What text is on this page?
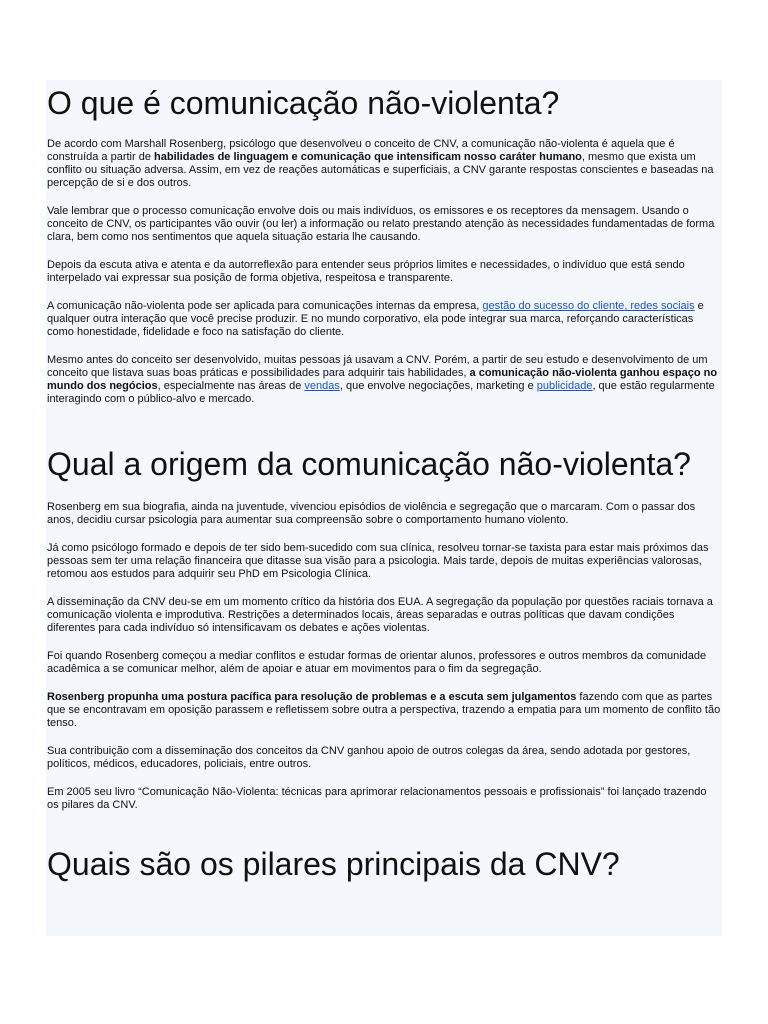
O que é comunicação não-violenta?

De acordo com Marshall Rosenberg, psicólogo que desenvolveu o conceito de CNV, a comunicação não-violenta é aquela que é construída a partir de habilidades de linguagem e comunicação que intensificam nosso caráter humano, mesmo que exista um conflito ou situação adversa. Assim, em vez de reações automáticas e superficiais, a CNV garante respostas conscientes e baseadas na percepção de si e dos outros.

Vale lembrar que o processo comunicação envolve dois ou mais indivíduos, os emissores e os receptores da mensagem. Usando o conceito de CNV, os participantes vão ouvir (ou ler) a informação ou relato prestando atenção às necessidades fundamentadas de forma clara, bem como nos sentimentos que aquela situação estaria lhe causando.

Depois da escuta ativa e atenta e da autorreflexão para entender seus próprios limites e necessidades, o indivíduo que está sendo interpelado vai expressar sua posição de forma objetiva, respeitosa e transparente.

A comunicação não-violenta pode ser aplicada para comunicações internas da empresa, gestão do sucesso do cliente, redes sociais e qualquer outra interação que você precise produzir. E no mundo corporativo, ela pode integrar sua marca, reforçando características como honestidade, fidelidade e foco na satisfação do cliente.

Mesmo antes do conceito ser desenvolvido, muitas pessoas já usavam a CNV. Porém, a partir de seu estudo e desenvolvimento de um conceito que listava suas boas práticas e possibilidades para adquirir tais habilidades, a comunicação não-violenta ganhou espaço no mundo dos negócios, especialmente nas áreas de vendas, que envolve negociações, marketing e publicidade, que estão regularmente interagindo com o público-alvo e mercado.

Qual a origem da comunicação não-violenta?

Rosenberg em sua biografia, ainda na juventude, vivenciou episódios de violência e segregação que o marcaram. Com o passar dos anos, decidiu cursar psicologia para aumentar sua compreensão sobre o comportamento humano violento.

Já como psicólogo formado e depois de ter sido bem-sucedido com sua clínica, resolveu tornar-se taxista para estar mais próximos das pessoas sem ter uma relação financeira que ditasse sua visão para a psicologia. Mais tarde, depois de muitas experiências valorosas, retomou aos estudos para adquirir seu PhD em Psicologia Clínica.

A disseminação da CNV deu-se em um momento crítico da história dos EUA. A segregação da população por questões raciais tornava a comunicação violenta e improdutiva. Restrições a determinados locais, áreas separadas e outras políticas que davam condições diferentes para cada indivíduo só intensificavam os debates e ações violentas.

Foi quando Rosenberg começou a mediar conflitos e estudar formas de orientar alunos, professores e outros membros da comunidade acadêmica a se comunicar melhor, além de apoiar e atuar em movimentos para o fim da segregação.

Rosenberg propunha uma postura pacífica para resolução de problemas e a escuta sem julgamentos fazendo com que as partes que se encontravam em oposição parassem e refletissem sobre outra a perspectiva, trazendo a empatia para um momento de conflito tão tenso.

Sua contribuição com a disseminação dos conceitos da CNV ganhou apoio de outros colegas da área, sendo adotada por gestores, políticos, médicos, educadores, policiais, entre outros.

Em 2005 seu livro “Comunicação Não-Violenta: técnicas para aprimorar relacionamentos pessoais e profissionais” foi lançado trazendo os pilares da CNV.

Quais são os pilares principais da CNV?
